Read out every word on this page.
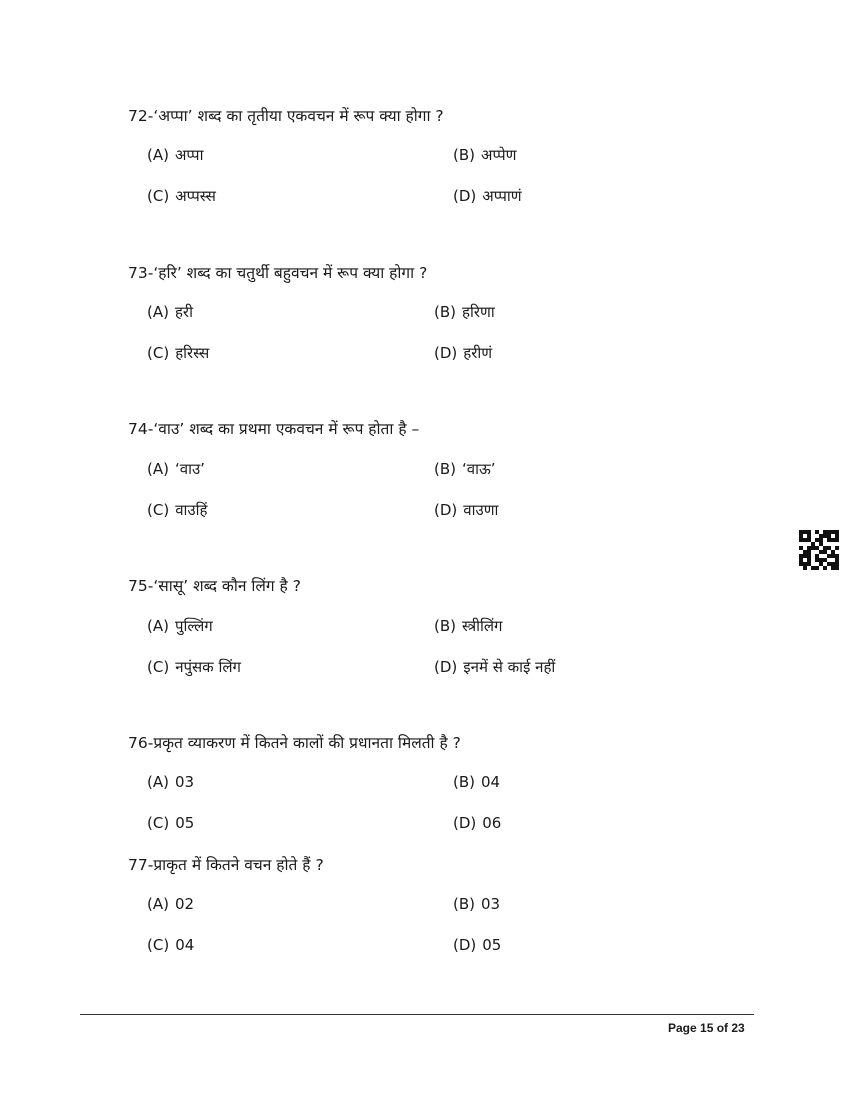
72-‘अप्पा’ शब्द का तृतीया एकवचन में रूप क्या होगा ?
(A) अप्पा	(B) अप्पेण
(C) अप्पस्स	(D) अप्पाणं
73-‘हरि’ शब्द का चतुर्थी बहुवचन में रूप क्या होगा ?
(A) हरी	(B) हरिणा
(C) हरिस्स	(D) हरीणं
74-‘वाउ’ शब्द का प्रथमा एकवचन में रूप होता है –
(A) ‘वाउ’	(B) ‘वाऊ’
(C) वाउहिं	(D) वाउणा
75-‘सासू’ शब्द कौन लिंग है ?
(A) पुल्लिंग	(B) स्त्रीलिंग
(C) नपुंसक लिंग	(D) इनमें से काई नहीं
76-प्रकृत व्याकरण में कितने कालों की प्रधानता मिलती है ?
(A) 03	(B) 04
(C) 05	(D) 06
77-प्राकृत में कितने वचन होते हैं ?
(A) 02	(B) 03
(C) 04	(D) 05
Page 15 of 23
